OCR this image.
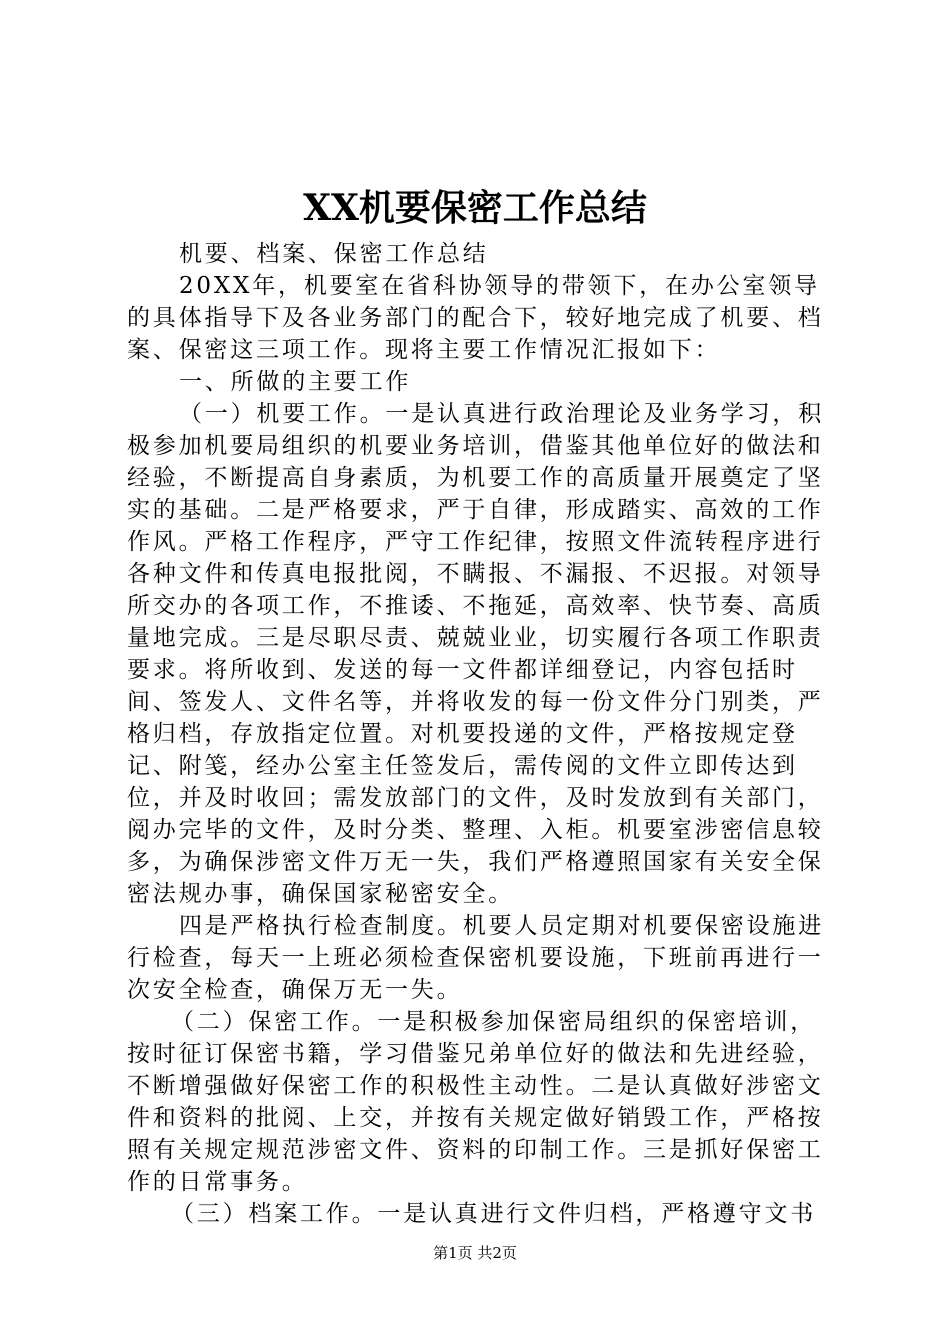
XX机要保密工作总结

机要、档案、保密工作总结

20XX年，机要室在省科协领导的带领下，在办公室领导的具体指导下及各业务部门的配合下，较好地完成了机要、档案、保密这三项工作。现将主要工作情况汇报如下：

一、所做的主要工作

（一）机要工作。一是认真进行政治理论及业务学习，积极参加机要局组织的机要业务培训，借鉴其他单位好的做法和经验，不断提高自身素质，为机要工作的高质量开展奠定了坚实的基础。二是严格要求，严于自律，形成踏实、高效的工作作风。严格工作程序，严守工作纪律，按照文件流转程序进行各种文件和传真电报批阅，不瞒报、不漏报、不迟报。对领导所交办的各项工作，不推诿、不拖延，高效率、快节奏、高质量地完成。三是尽职尽责、兢兢业业，切实履行各项工作职责要求。将所收到、发送的每一文件都详细登记，内容包括时间、签发人、文件名等，并将收发的每一份文件分门别类，严格归档，存放指定位置。对机要投递的文件，严格按规定登记、附笺，经办公室主任签发后，需传阅的文件立即传达到位，并及时收回；需发放部门的文件，及时发放到有关部门，阅办完毕的文件，及时分类、整理、入柜。机要室涉密信息较多，为确保涉密文件万无一失，我们严格遵照国家有关安全保密法规办事，确保国家秘密安全。

四是严格执行检查制度。机要人员定期对机要保密设施进行检查，每天一上班必须检查保密机要设施，下班前再进行一次安全检查，确保万无一失。

（二）保密工作。一是积极参加保密局组织的保密培训，按时征订保密书籍，学习借鉴兄弟单位好的做法和先进经验，不断增强做好保密工作的积极性主动性。二是认真做好涉密文件和资料的批阅、上交，并按有关规定做好销毁工作，严格按照有关规定规范涉密文件、资料的印制工作。三是抓好保密工作的日常事务。

（三）档案工作。一是认真进行文件归档，严格遵守文书

第1页 共2页
